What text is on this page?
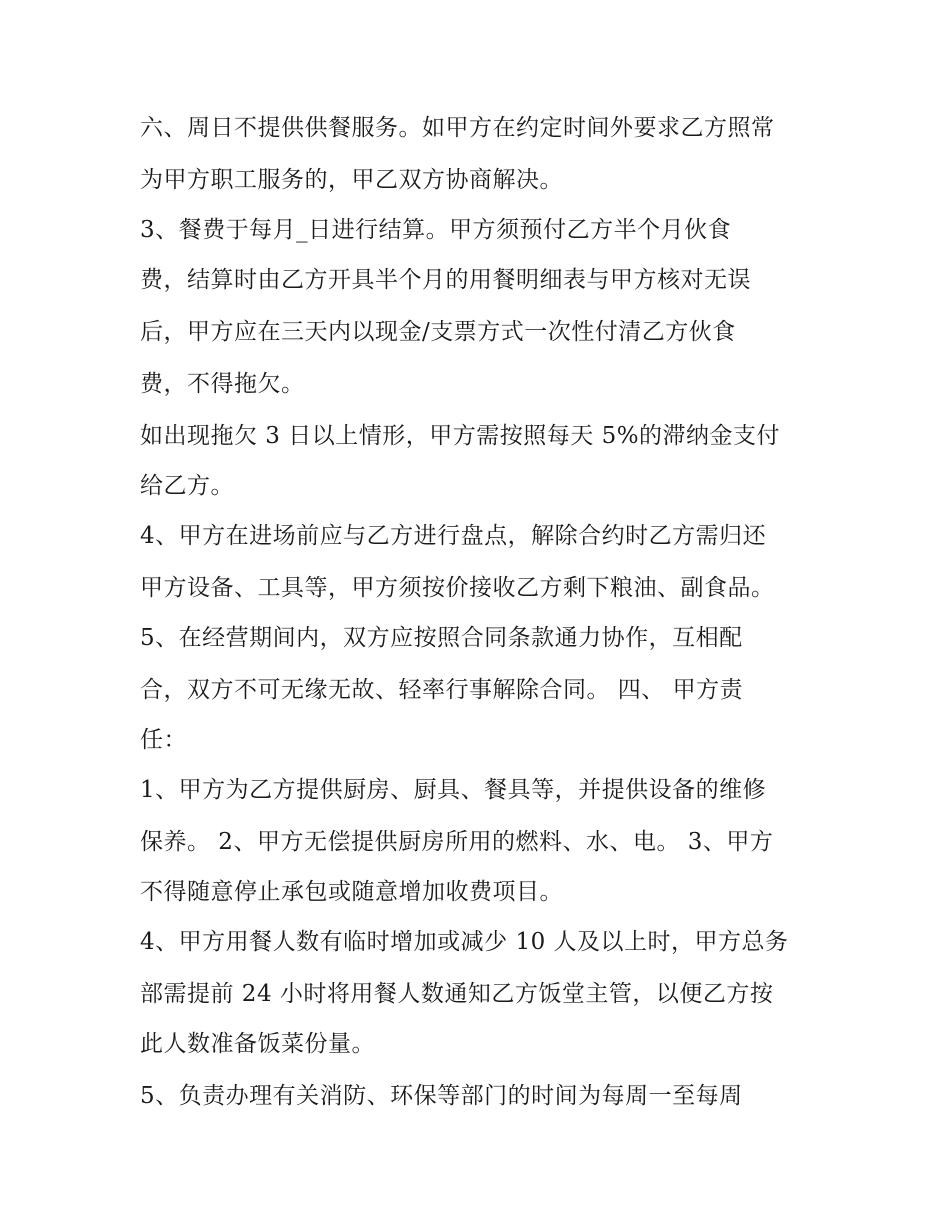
六、周日不提供供餐服务。如甲方在约定时间外要求乙方照常
为甲方职工服务的，甲乙双方协商解决。
3、餐费于每月_日进行结算。甲方须预付乙方半个月伙食
费，结算时由乙方开具半个月的用餐明细表与甲方核对无误
后，甲方应在三天内以现金/支票方式一次性付清乙方伙食
费，不得拖欠。
如出现拖欠 3 日以上情形，甲方需按照每天 5%的滞纳金支付
给乙方。
4、甲方在进场前应与乙方进行盘点，解除合约时乙方需归还
甲方设备、工具等，甲方须按价接收乙方剩下粮油、副食品。
5、在经营期间内，双方应按照合同条款通力协作，互相配
合，双方不可无缘无故、轻率行事解除合同。 四、 甲方责
任：
1、甲方为乙方提供厨房、厨具、餐具等，并提供设备的维修
保养。 2、甲方无偿提供厨房所用的燃料、水、电。 3、甲方
不得随意停止承包或随意增加收费项目。
4、甲方用餐人数有临时增加或减少 10 人及以上时，甲方总务
部需提前 24 小时将用餐人数通知乙方饭堂主管，以便乙方按
此人数准备饭菜份量。
5、负责办理有关消防、环保等部门的时间为每周一至每周
